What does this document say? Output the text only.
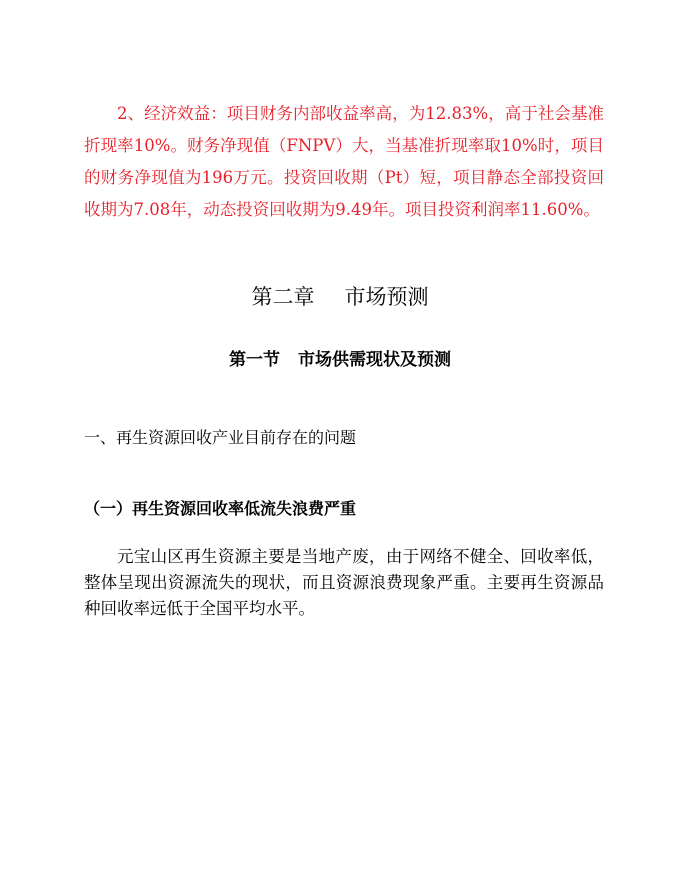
2、经济效益：项目财务内部收益率高，为12.83%，高于社会基准折现率10%。财务净现值（FNPV）大，当基准折现率取10%时，项目的财务净现值为196万元。投资回收期（Pt）短，项目静态全部投资回收期为7.08年，动态投资回收期为9.49年。项目投资利润率11.60%。

第二章 市场预测
第一节 市场供需现状及预测
一、再生资源回收产业目前存在的问题
（一）再生资源回收率低流失浪费严重

元宝山区再生资源主要是当地产废，由于网络不健全、回收率低，整体呈现出资源流失的现状，而且资源浪费现象严重。主要再生资源品种回收率远低于全国平均水平。
